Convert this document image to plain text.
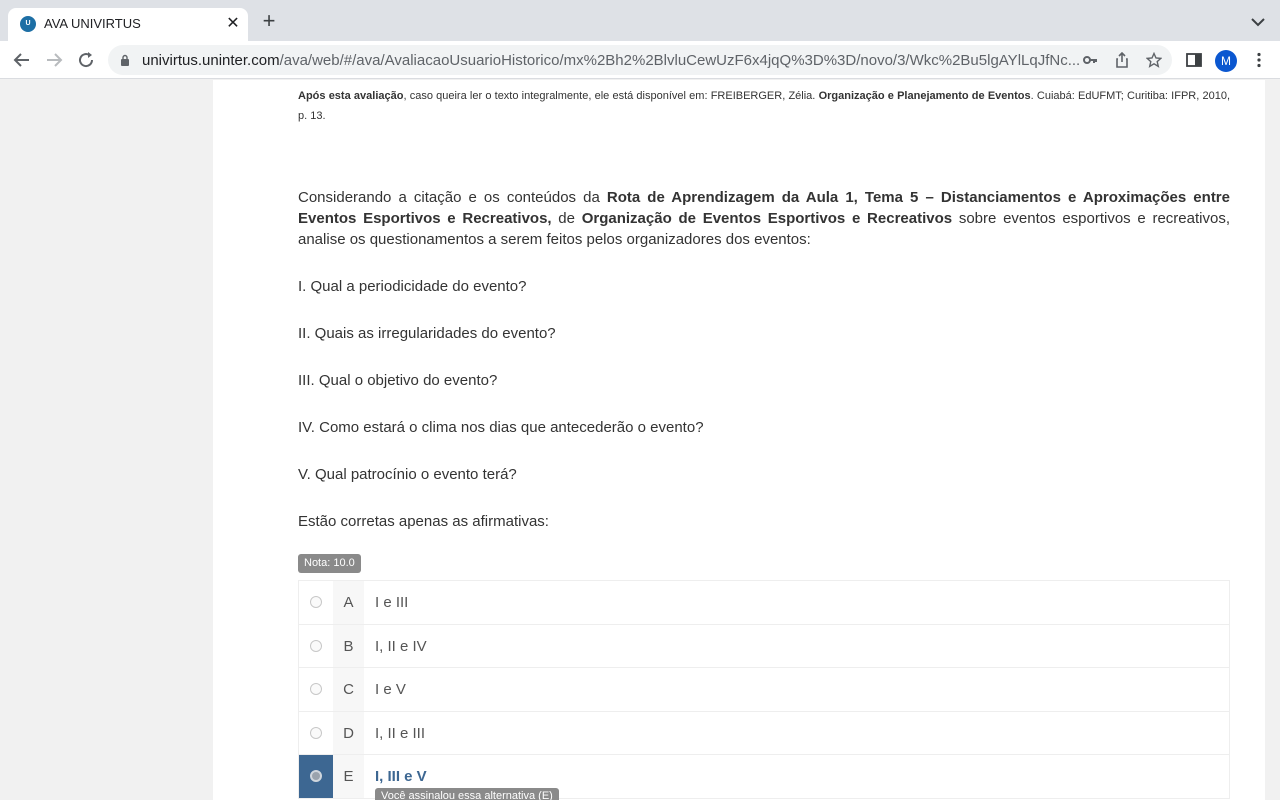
U	AVA UNIVIRTUS	✕ +
univirtus.uninter.com/ava/web/#/ava/AvaliacaoUsuarioHistorico/mx%2Bh2%2BlvluCewUzF6x4jqQ%3D%3D/novo/3/Wkc%2Bu5lgAYlLqJfNc...	M

Após esta avaliação, caso queira ler o texto integralmente, ele está disponível em: FREIBERGER, Zélia. Organização e Planejamento de Eventos. Cuiabá: EdUFMT; Curitiba: IFPR, 2010, p. 13.

Considerando a citação e os conteúdos da Rota de Aprendizagem da Aula 1, Tema 5 – Distanciamentos e Aproximações entre Eventos Esportivos e Recreativos, de Organização de Eventos Esportivos e Recreativos sobre eventos esportivos e recreativos, analise os questionamentos a serem feitos pelos organizadores dos eventos:

I. Qual a periodicidade do evento?
II. Quais as irregularidades do evento?
III. Qual o objetivo do evento?
IV. Como estará o clima nos dias que antecederão o evento?
V. Qual patrocínio o evento terá?
Estão corretas apenas as afirmativas:
Nota: 10.0
A	I e III
B	I, II e IV
C	I e V
D	I, II e III
E	I, III e V
Você assinalou essa alternativa (E)
